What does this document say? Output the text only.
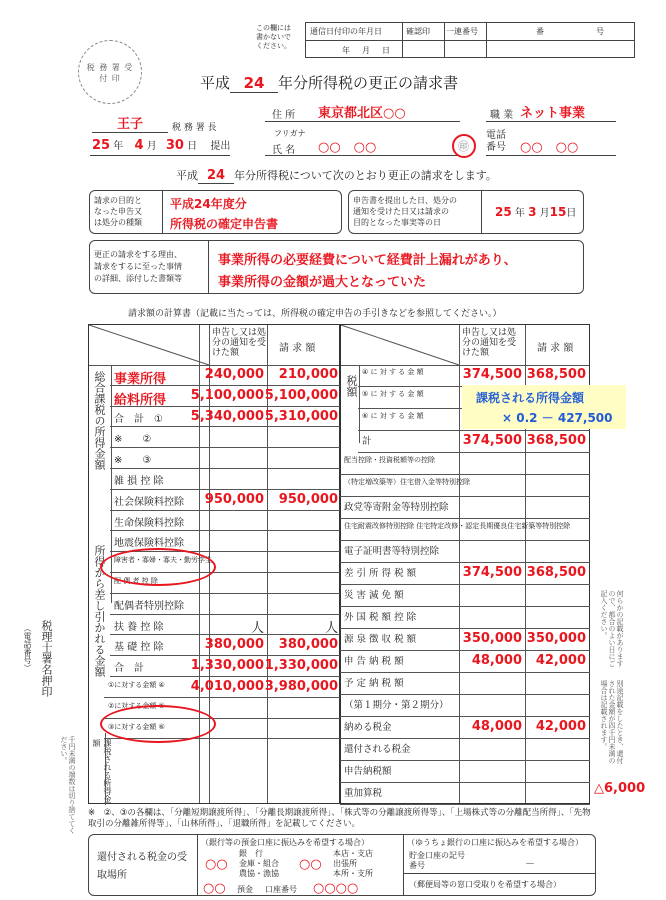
税 務 署 受 付 印
この欄には
書かないで
ください。
通信日付印の年月日	確認印 一連番号	番	号
年 月 日
平成 24 年分所得税の更正の請求書
王子	税 務 署 長
25 年 4 月 30 日 提出
住 所 東京都北区○○	職 業 ネット事業
フリガナ
氏 名 ○○　○○	㊞
電話番号 ○○　○○
平成 24 年分所得税について次のとおり更正の請求をします。
請求の目的と
なった申告又
は処分の種類
平成24年度分
所得税の確定申告書
申告書を提出した日、処分の
通知を受けた日又は請求の
目的となった事実等の日
25 年 3 月15日
更正の請求をする理由、
請求をするに至った事情
の詳細、添付した書類等
事業所得の必要経費について経費計上漏れがあり、
事業所得の金額が過大となっていた
請求額の計算書（記載に当たっては、所得税の確定申告の手引きなどを参照してください。）
申告し又は処分の通知を受けた額	請 求 額
総合課税の所得金額
所得から差し引かれる金額
課税される所得金額
事業所得	240,000 210,000
給料所得 5,100,000 5,100,000
合　計　① 5,340,000 5,310,000
※　　②
※　　③
雑 損 控 除
社会保険料控除 950,000 950,000
生命保険料控除
地震保険料控除
障害者・寡婦・寡夫・勤労学生
配 偶 者 控 除
配偶者特別控除
扶 養 控 除	人	人
基 礎 控 除	380,000 380,000
合　計	1,330,000 1,330,000
①に対する金額 ④ 4,010,000 3,980,000
②に対する金額 ⑤
③に対する金額 ⑥
申告し又は処分の通知を受けた額	請 求 額
税額
④ に 対 す る 金 額	374,500 368,500
⑤ に 対 す る 金 額
⑥ に 対 す る 金 額
計	374,500 368,500
配当控除・投資税額等の控除
（特定増改築等）住宅借入金等特別控除
政党等寄附金等特別控除
住宅耐震改修特別控除 住宅特定改修・認定長期優良住宅新築等特別控除
電子証明書等特別控除
差 引 所 得 税 額	374,500 368,500
災 害 減 免 額
外 国 税 額 控 除
源 泉 徴 収 税 額	350,000 350,000
申 告 納 税 額	48,000 42,000
予 定 納 税 額
（第１期分・第２期分）
納める税金	48,000 42,000
還付される税金
申告納税額
重加算税
課税される所得金額
× 0.2 － 427,500
△6,000
税理士署名押印
（電話番号）
千円未満の端数は切り捨ててください。
何らかの記載がありますので、都合のよい日にご記入ください。
別途記載をしたとき、還付された金額が四千円未満の場合は記載されます。
※　②、③の各欄は、「分離短期譲渡所得」、「分離長期譲渡所得」、「株式等の分離譲渡所得等」、「上場株式等の分離配当所得」、「先物取引の分離雑所得等」、「山林所得」、「退職所得」を記載してください。
還付される税金の受取場所
（銀行等の預金口座に振込みを希望する場合）
○○
銀　行
金庫・組合
農協・漁協
○○
本店・支店
出張所
本所・支所
○○ 預金 口座番号 ○○○○
（ゆうちょ銀行の口座に振込みを希望する場合）
貯金口座の記号番号	－
（郵便局等の窓口受取りを希望する場合）
